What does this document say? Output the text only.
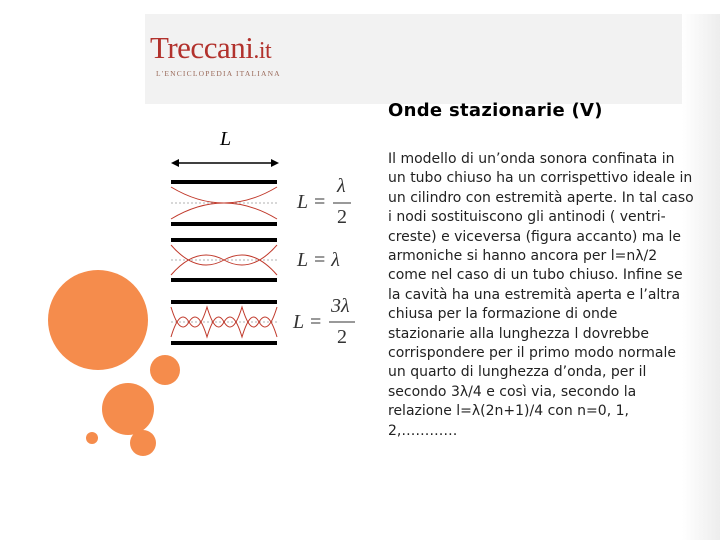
Treccani.it
L'ENCICLOPEDIA ITALIANA
Onde stazionarie (V)

Il modello di un’onda sonora confinata in un tubo chiuso ha un corrispettivo ideale in un cilindro con estremità aperte. In tal caso i nodi sostituiscono gli antinodi ( ventri-creste) e viceversa (figura accanto) ma le armoniche si hanno ancora per l=nλ/2 come nel caso di un tubo chiuso. Infine se la cavità ha una estremità aperta e l’altra chiusa per la formazione di onde stazionarie alla lunghezza l dovrebbe corrispondere per il primo modo normale un quarto di lunghezza d’onda, per il secondo 3λ/4 e così via, secondo la relazione l=λ(2n+1)/4 con n=0, 1, 2,…………

L
L =
λ
2
L = λ
L =
3λ
2
